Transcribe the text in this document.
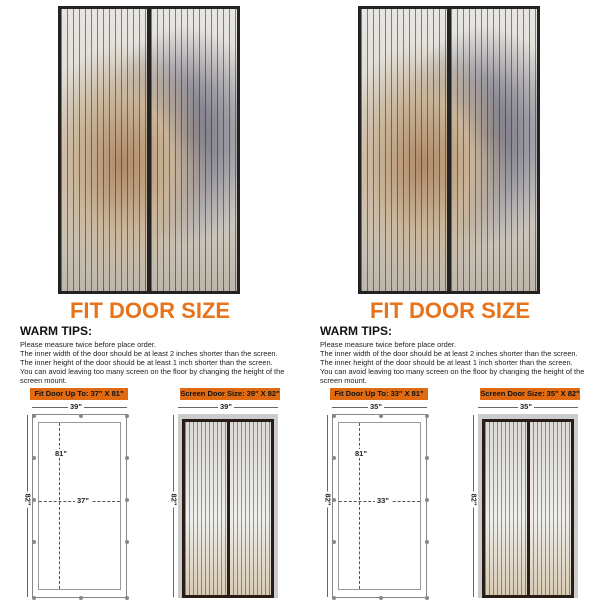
FIT DOOR SIZE
WARM TIPS:
Please measure twice before place order.
The inner width of the door should be at least 2 inches shorter than the screen.
The inner height of the door should be at least 1 inch shorter than the screen.
You can avoid leaving too many screen on the floor by changing the height of the screen mount.
Fit Door Up To: 37" X 81"	Screen Door Size: 39" X 82"
39"	39"
82"	82"
81"
37"
FIT DOOR SIZE
WARM TIPS:
Please measure twice before place order.
The inner width of the door should be at least 2 inches shorter than the screen.
The inner height of the door should be at least 1 inch shorter than the screen.
You can avoid leaving too many screen on the floor by changing the height of the screen mount.
Fit Door Up To: 33" X 81"	Screen Door Size: 35" X 82"
35"	35"
82"	82"
81"
33"
